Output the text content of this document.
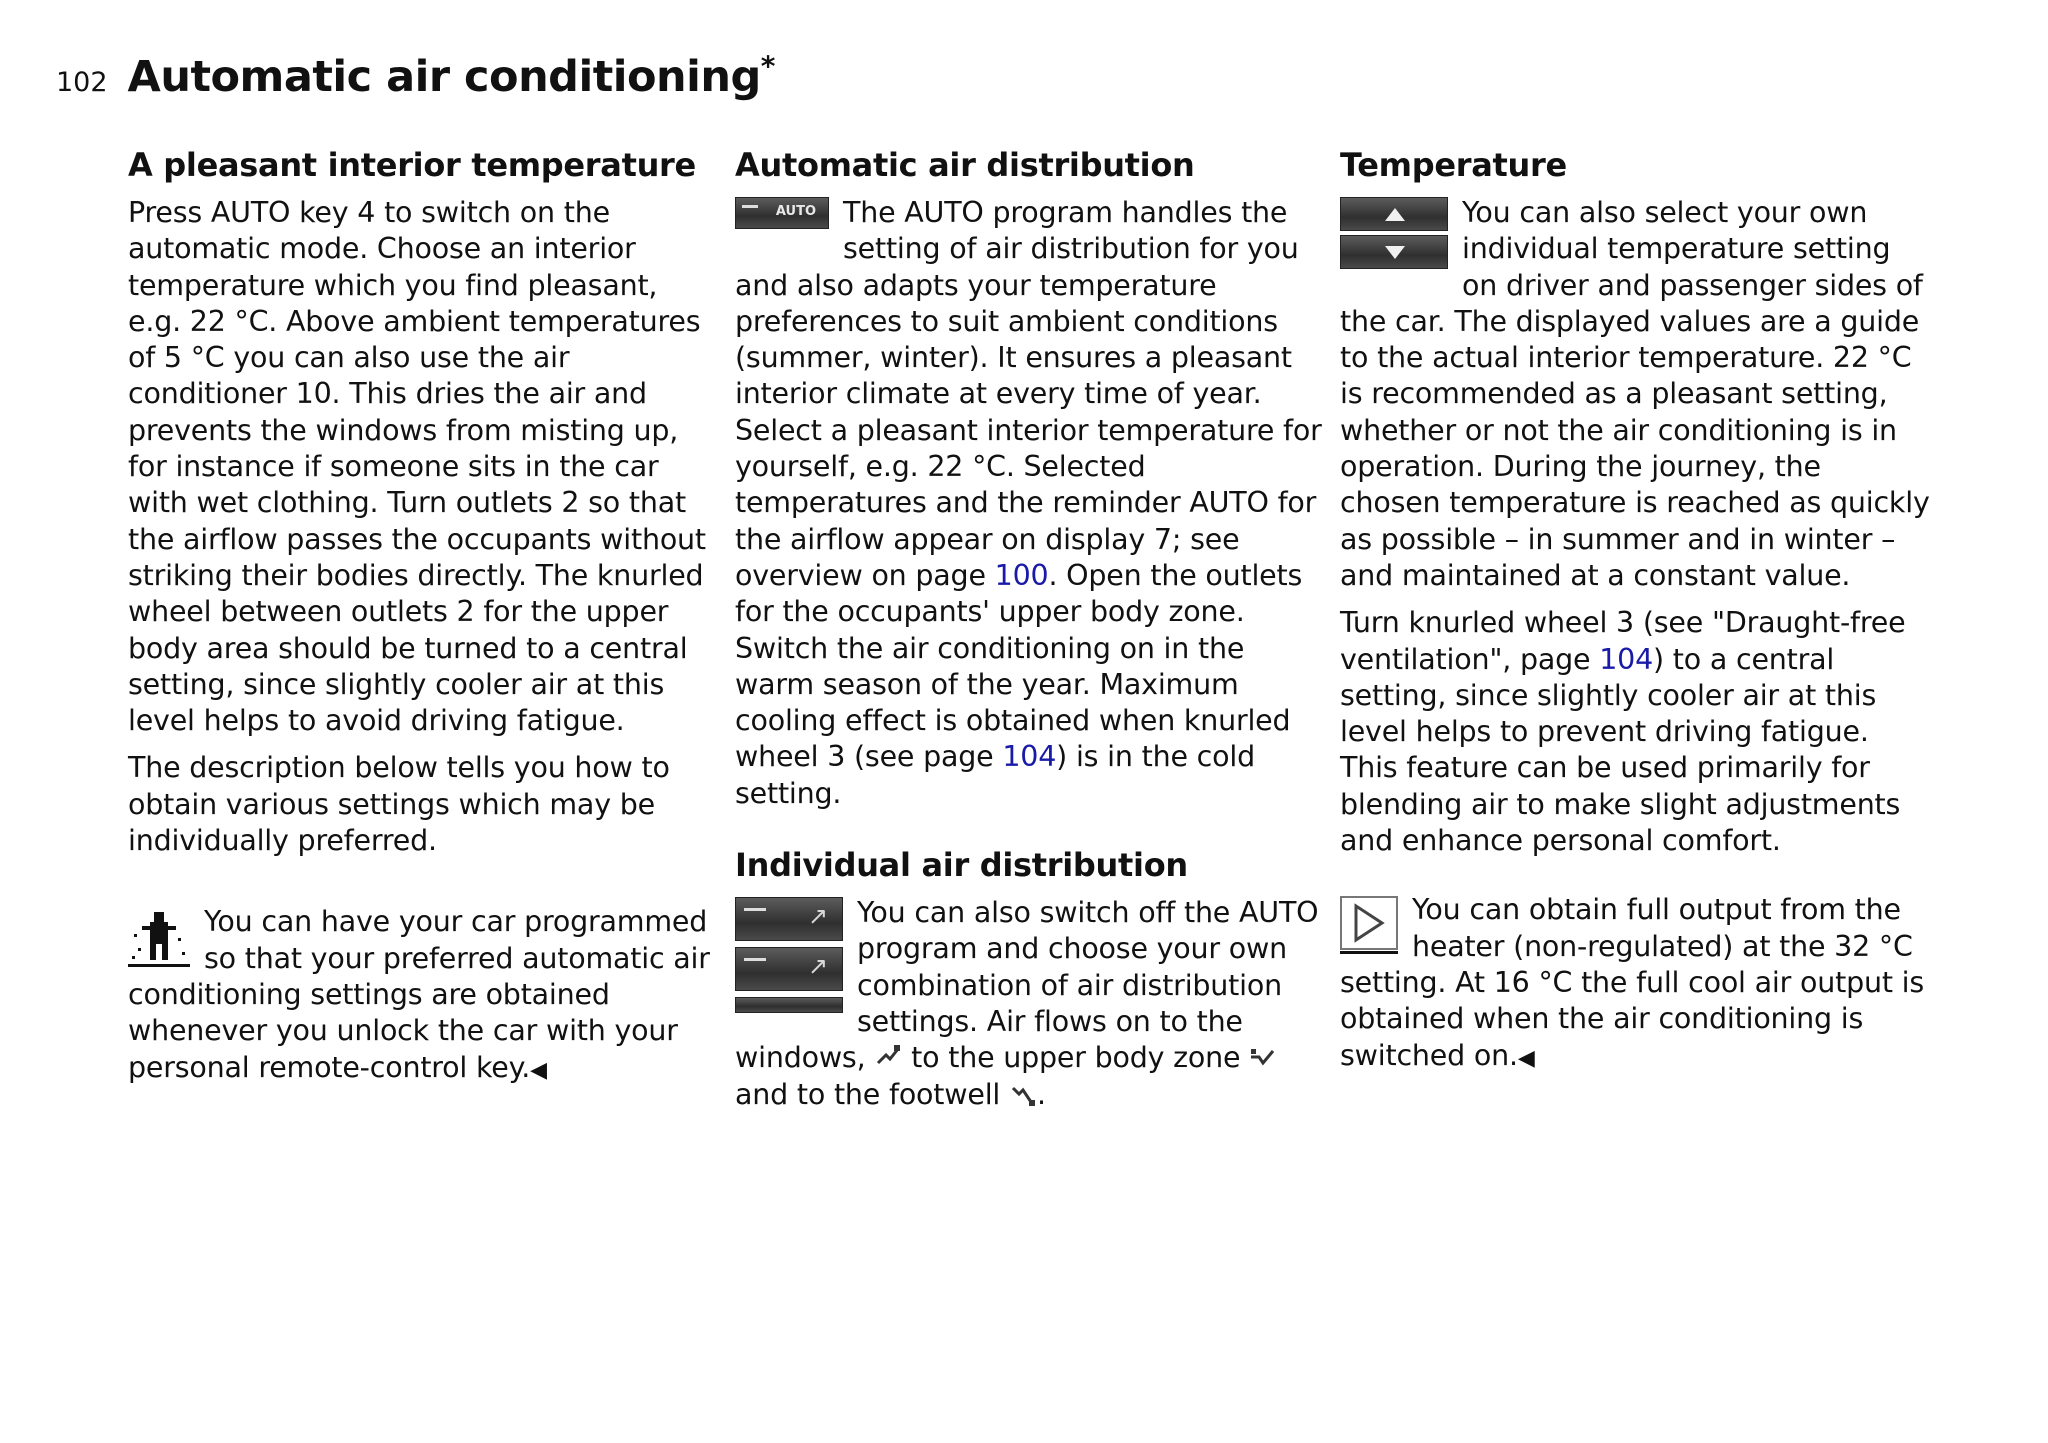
102 Automatic air conditioning*
A pleasant interior temperature

Press AUTO key 4 to switch on the automatic mode. Choose an interior temperature which you find pleasant, e.g. 22 °C. Above ambient temperatures of 5 °C you can also use the air conditioner 10. This dries the air and prevents the windows from misting up, for instance if someone sits in the car with wet clothing. Turn outlets 2 so that the airflow passes the occupants without striking their bodies directly. The knurled wheel between outlets 2 for the upper body area should be turned to a central setting, since slightly cooler air at this level helps to avoid driving fatigue.

The description below tells you how to obtain various settings which may be individually preferred.

You can have your car programmed so that your preferred automatic air conditioning settings are obtained whenever you unlock the car with your personal remote-control key.◀

Automatic air distribution
AUTO The AUTO program handles the setting of air distribution for you and also adapts your temperature preferences to suit ambient conditions (summer, winter). It ensures a pleasant interior climate at every time of year. Select a pleasant interior temperature for yourself, e.g. 22 °C. Selected temperatures and the reminder AUTO for the airflow appear on display 7; see overview on page 100. Open the outlets for the occupants' upper body zone. Switch the air conditioning on in the warm season of the year. Maximum cooling effect is obtained when knurled wheel 3 (see page 104) is in the cold setting.

Individual air distribution
↗
↗

You can also switch off the AUTO program and choose your own combination of air distribution settings. Air flows on to the windows,  to the upper body zone  and to the footwell .

Temperature

You can also select your own individual temperature setting on driver and passenger sides of the car. The displayed values are a guide to the actual interior temperature. 22 °C is recommended as a pleasant setting, whether or not the air conditioning is in operation. During the journey, the chosen temperature is reached as quickly as possible – in summer and in winter – and maintained at a constant value.

Turn knurled wheel 3 (see "Draught-free ventilation", page 104) to a central setting, since slightly cooler air at this level helps to prevent driving fatigue.
This feature can be used primarily for blending air to make slight adjustments and enhance personal comfort.

You can obtain full output from the heater (non-regulated) at the 32 °C setting. At 16 °C the full cool air output is obtained when the air conditioning is switched on.◀
